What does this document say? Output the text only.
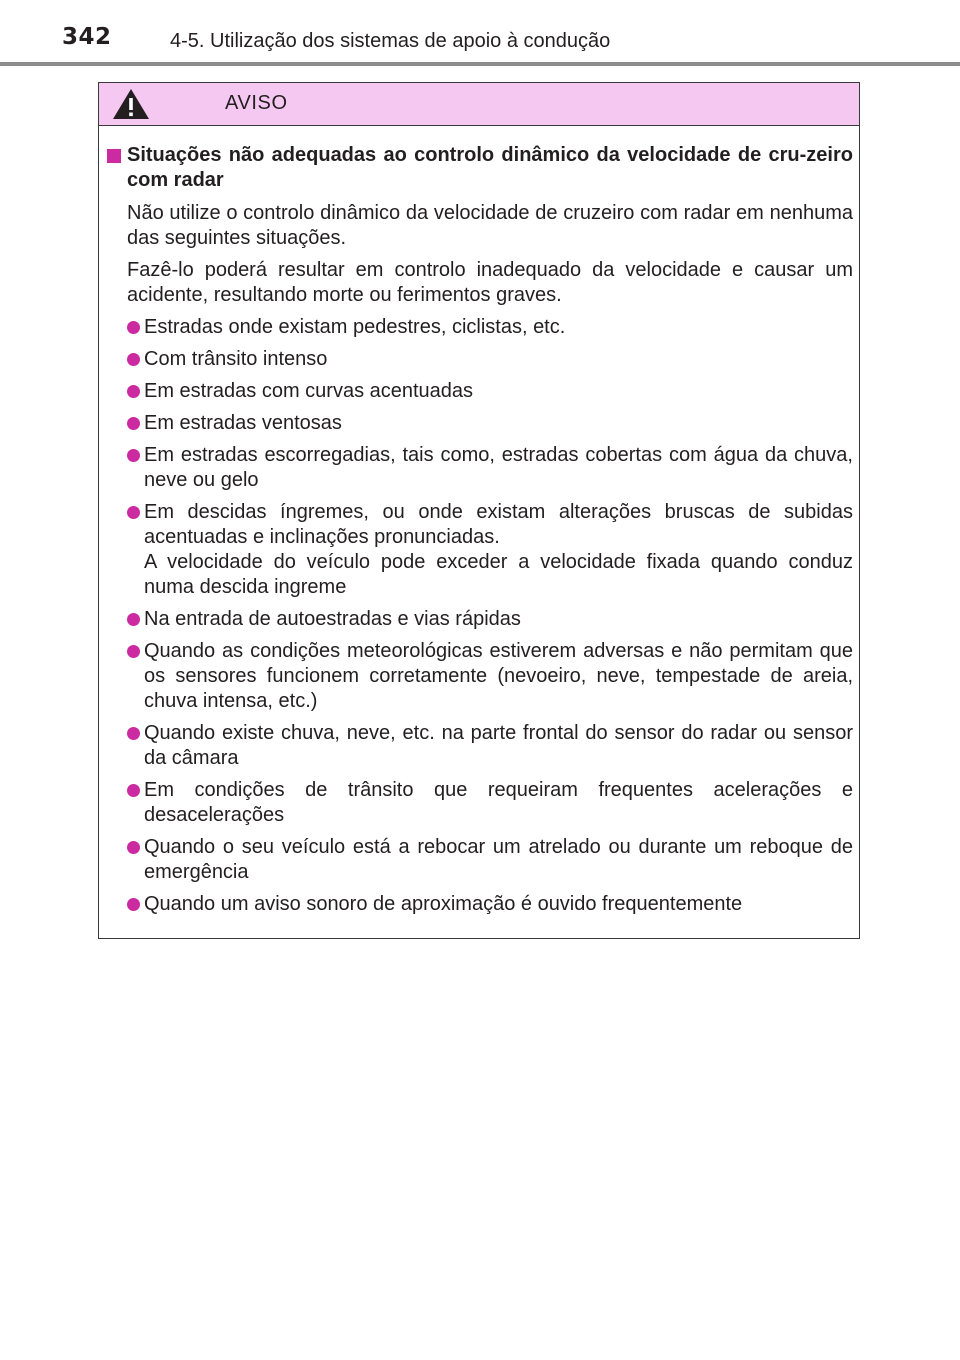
342	4-5. Utilização dos sistemas de apoio à condução
AVISO
Situações não adequadas ao controlo dinâmico da velocidade de cru-zeiro com radar

Não utilize o controlo dinâmico da velocidade de cruzeiro com radar em nenhuma das seguintes situações.

Fazê-lo poderá resultar em controlo inadequado da velocidade e causar um acidente, resultando morte ou ferimentos graves.

Estradas onde existam pedestres, ciclistas, etc.
Com trânsito intenso
Em estradas com curvas acentuadas
Em estradas ventosas
Em estradas escorregadias, tais como, estradas cobertas com água da chuva, neve ou gelo
Em descidas íngremes, ou onde existam alterações bruscas de subidas acentuadas e inclinações pronunciadas.
A velocidade do veículo pode exceder a velocidade fixada quando conduz numa descida ingreme
Na entrada de autoestradas e vias rápidas
Quando as condições meteorológicas estiverem adversas e não permitam que os sensores funcionem corretamente (nevoeiro, neve, tempestade de areia, chuva intensa, etc.)
Quando existe chuva, neve, etc. na parte frontal do sensor do radar ou sensor da câmara
Em condições de trânsito que requeiram frequentes acelerações e desacelerações
Quando o seu veículo está a rebocar um atrelado ou durante um reboque de emergência
Quando um aviso sonoro de aproximação é ouvido frequentemente
